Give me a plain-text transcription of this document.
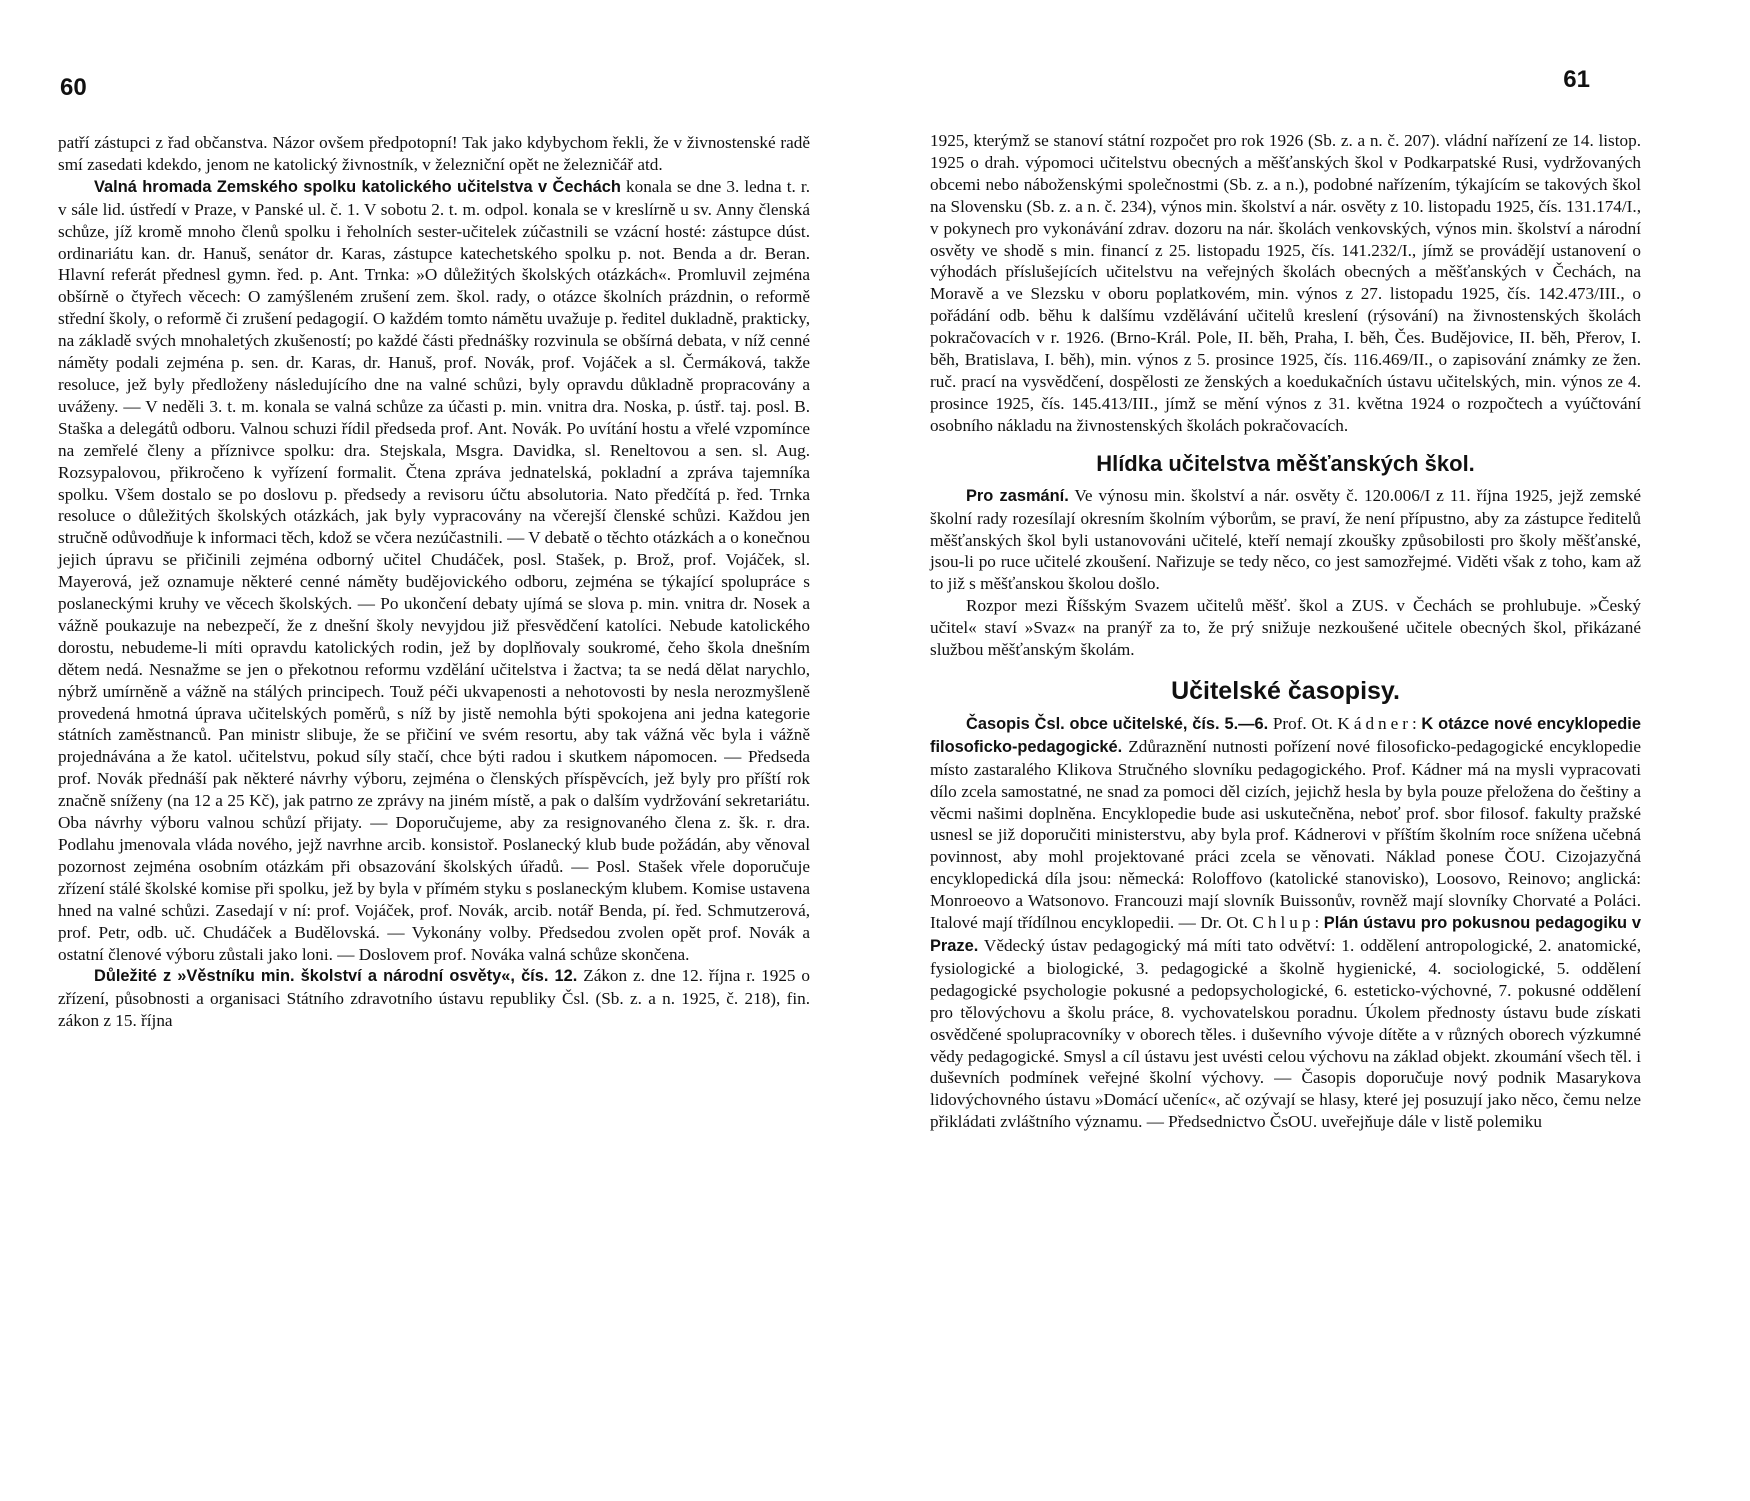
60

patří zástupci z řad občanstva. Názor ovšem předpotopní! Tak jako kdybychom řekli, že v živnostenské radě smí zasedati kdekdo, jenom ne katolický živnostník, v železniční opět ne železničář atd.

Valná hromada Zemského spolku katolického učitelstva v Čechách konala se dne 3. ledna t. r. v sále lid. ústředí v Praze, v Panské ul. č. 1. V sobotu 2. t. m. odpol. konala se v kreslírně u sv. Anny členská schůze, jíž kromě mnoho členů spolku i řeholních sester-učitelek zúčastnili se vzácní hosté: zástupce dúst. ordinariátu kan. dr. Hanuš, senátor dr. Karas, zástupce katechetského spolku p. not. Benda a dr. Beran. Hlavní referát přednesl gymn. řed. p. Ant. Trnka: »O důležitých školských otázkách«. Promluvil zejména obšírně o čtyřech věcech: O zamýšleném zrušení zem. škol. rady, o otázce školních prázdnin, o reformě střední školy, o reformě či zrušení pedagogií. O každém tomto námětu uvažuje p. ředitel dukladně, prakticky, na základě svých mnohaletých zkušeností; po každé části přednášky rozvinula se obšírná debata, v níž cenné náměty podali zejména p. sen. dr. Karas, dr. Hanuš, prof. Novák, prof. Vojáček a sl. Čermáková, takže resoluce, jež byly předloženy následujícího dne na valné schůzi, byly opravdu důkladně propracovány a uváženy. — V neděli 3. t. m. konala se valná schůze za účasti p. min. vnitra dra. Noska, p. ústř. taj. posl. B. Staška a delegátů odboru. Valnou schuzi řídil předseda prof. Ant. Novák. Po uvítání hostu a vřelé vzpomínce na zemřelé členy a příznivce spolku: dra. Stejskala, Msgra. Davidka, sl. Reneltovou a sen. sl. Aug. Rozsypalovou, přikročeno k vyřízení formalit. Čtena zpráva jednatelská, pokladní a zpráva tajemníka spolku. Všem dostalo se po doslovu p. předsedy a revisoru účtu absolutoria. Nato předčítá p. řed. Trnka resoluce o důležitých školských otázkách, jak byly vypracovány na včerejší členské schůzi. Každou jen stručně odůvodňuje k informaci těch, kdož se včera nezúčastnili. — V debatě o těchto otázkách a o konečnou jejich úpravu se přičinili zejména odborný učitel Chudáček, posl. Stašek, p. Brož, prof. Vojáček, sl. Mayerová, jež oznamuje některé cenné náměty budějovického odboru, zejména se týkající spolupráce s poslaneckými kruhy ve věcech školských. — Po ukončení debaty ujímá se slova p. min. vnitra dr. Nosek a vážně poukazuje na nebezpečí, že z dnešní školy nevyjdou již přesvědčení katolíci. Nebude katolického dorostu, nebudeme-li míti opravdu katolických rodin, jež by doplňovaly soukromé, čeho škola dnešním dětem nedá. Nesnažme se jen o překotnou reformu vzdělání učitelstva i žactva; ta se nedá dělat narychlo, nýbrž umírněně a vážně na stálých principech. Touž péči ukvapenosti a nehotovosti by nesla nerozmyšleně provedená hmotná úprava učitelských poměrů, s níž by jistě nemohla býti spokojena ani jedna kategorie státních zaměstnanců. Pan ministr slibuje, že se přičiní ve svém resortu, aby tak vážná věc byla i vážně projednávána a že katol. učitelstvu, pokud síly stačí, chce býti radou i skutkem nápomocen. — Předseda prof. Novák přednáší pak některé návrhy výboru, zejména o členských příspěvcích, jež byly pro příští rok značně sníženy (na 12 a 25 Kč), jak patrno ze zprávy na jiném místě, a pak o dalším vydržování sekretariátu. Oba návrhy výboru valnou schůzí přijaty. — Doporučujeme, aby za resignovaného člena z. šk. r. dra. Podlahu jmenovala vláda nového, jejž navrhne arcib. konsistoř. Poslanecký klub bude požádán, aby věnoval pozornost zejména osobním otázkám při obsazování školských úřadů. — Posl. Stašek vřele doporučuje zřízení stálé školské komise při spolku, jež by byla v přímém styku s poslaneckým klubem. Komise ustavena hned na valné schůzi. Zasedají v ní: prof. Vojáček, prof. Novák, arcib. notář Benda, pí. řed. Schmutzerová, prof. Petr, odb. uč. Chudáček a Budělovská. — Vykonány volby. Předsedou zvolen opět prof. Novák a ostatní členové výboru zůstali jako loni. — Doslovem prof. Nováka valná schůze skončena.

Důležité z »Věstníku min. školství a národní osvěty«, čís. 12. Zákon z. dne 12. října r. 1925 o zřízení, působnosti a organisaci Státního zdravotního ústavu republiky Čsl. (Sb. z. a n. 1925, č. 218), fin. zákon z 15. října

61

1925, kterýmž se stanoví státní rozpočet pro rok 1926 (Sb. z. a n. č. 207). vládní nařízení ze 14. listop. 1925 o drah. výpomoci učitelstvu obecných a měšťanských škol v Podkarpatské Rusi, vydržovaných obcemi nebo náboženskými společnostmi (Sb. z. a n.), podobné nařízením, týkajícím se takových škol na Slovensku (Sb. z. a n. č. 234), výnos min. školství a nár. osvěty z 10. listopadu 1925, čís. 131.174/I., v pokynech pro vykonávání zdrav. dozoru na nár. školách venkovských, výnos min. školství a národní osvěty ve shodě s min. financí z 25. listopadu 1925, čís. 141.232/I., jímž se provádějí ustanovení o výhodách příslušejících učitelstvu na veřejných školách obecných a měšťanských v Čechách, na Moravě a ve Slezsku v oboru poplatkovém, min. výnos z 27. listopadu 1925, čís. 142.473/III., o pořádání odb. běhu k dalšímu vzdělávání učitelů kreslení (rýsování) na živnostenských školách pokračovacích v r. 1926. (Brno-Král. Pole, II. běh, Praha, I. běh, Čes. Budějovice, II. běh, Přerov, I. běh, Bratislava, I. běh), min. výnos z 5. prosince 1925, čís. 116.469/II., o zapisování známky ze žen. ruč. prací na vysvědčení, dospělosti ze ženských a koedukačních ústavu učitelských, min. výnos ze 4. prosince 1925, čís. 145.413/III., jímž se mění výnos z 31. května 1924 o rozpočtech a vyúčtování osobního nákladu na živnostenských školách pokračovacích.

Hlídka učitelstva měšťanských škol.

Pro zasmání. Ve výnosu min. školství a nár. osvěty č. 120.006/I z 11. října 1925, jejž zemské školní rady rozesílají okresním školním výborům, se praví, že není přípustno, aby za zástupce ředitelů měšťanských škol byli ustanovováni učitelé, kteří nemají zkoušky způsobilosti pro školy měšťanské, jsou-li po ruce učitelé zkoušení. Nařizuje se tedy něco, co jest samozřejmé. Viděti však z toho, kam až to již s měšťanskou školou došlo.

Rozpor mezi Říšským Svazem učitelů měšť. škol a ZUS. v Čechách se prohlubuje. »Český učitel« staví »Svaz« na pranýř za to, že prý snižuje nezkoušené učitele obecných škol, přikázané službou měšťanským školám.

Učitelské časopisy.

Časopis Čsl. obce učitelské, čís. 5.—6. Prof. Ot. Kádner: K otázce nové encyklopedie filosoficko-pedagogické. Zdůraznění nutnosti pořízení nové filosoficko-pedagogické encyklopedie místo zastaralého Klikova Stručného slovníku pedagogického. Prof. Kádner má na mysli vypracovati dílo zcela samostatné, ne snad za pomoci děl cizích, jejichž hesla by byla pouze přeložena do češtiny a věcmi našimi doplněna. Encyklopedie bude asi uskutečněna, neboť prof. sbor filosof. fakulty pražské usnesl se již doporučiti ministerstvu, aby byla prof. Kádnerovi v příštím školním roce snížena učebná povinnost, aby mohl projektované práci zcela se věnovati. Náklad ponese ČOU. Cizojazyčná encyklopedická díla jsou: německá: Roloffovo (katolické stanovisko), Loosovo, Reinovo; anglická: Monroeovo a Watsonovo. Francouzi mají slovník Buissonův, rovněž mají slovníky Chorvaté a Poláci. Italové mají třídílnou encyklopedii. — Dr. Ot. Chlup: Plán ústavu pro pokusnou pedagogiku v Praze. Vědecký ústav pedagogický má míti tato odvětví: 1. oddělení antropologické, 2. anatomické, fysiologické a biologické, 3. pedagogické a školně hygienické, 4. sociologické, 5. oddělení pedagogické psychologie pokusné a pedopsychologické, 6. esteticko-výchovné, 7. pokusné oddělení pro tělovýchovu a školu práce, 8. vychovatelskou poradnu. Úkolem přednosty ústavu bude získati osvědčené spolupracovníky v oborech těles. i duševního vývoje dítěte a v různých oborech výzkumné vědy pedagogické. Smysl a cíl ústavu jest uvésti celou výchovu na základ objekt. zkoumání všech těl. i duševních podmínek veřejné školní výchovy. — Časopis doporučuje nový podnik Masarykova lidovýchovného ústavu »Domácí učeníc«, ač ozývají se hlasy, které jej posuzují jako něco, čemu nelze přikládati zvláštního významu. — Předsednictvo ČsOU. uveřejňuje dále v listě polemiku
